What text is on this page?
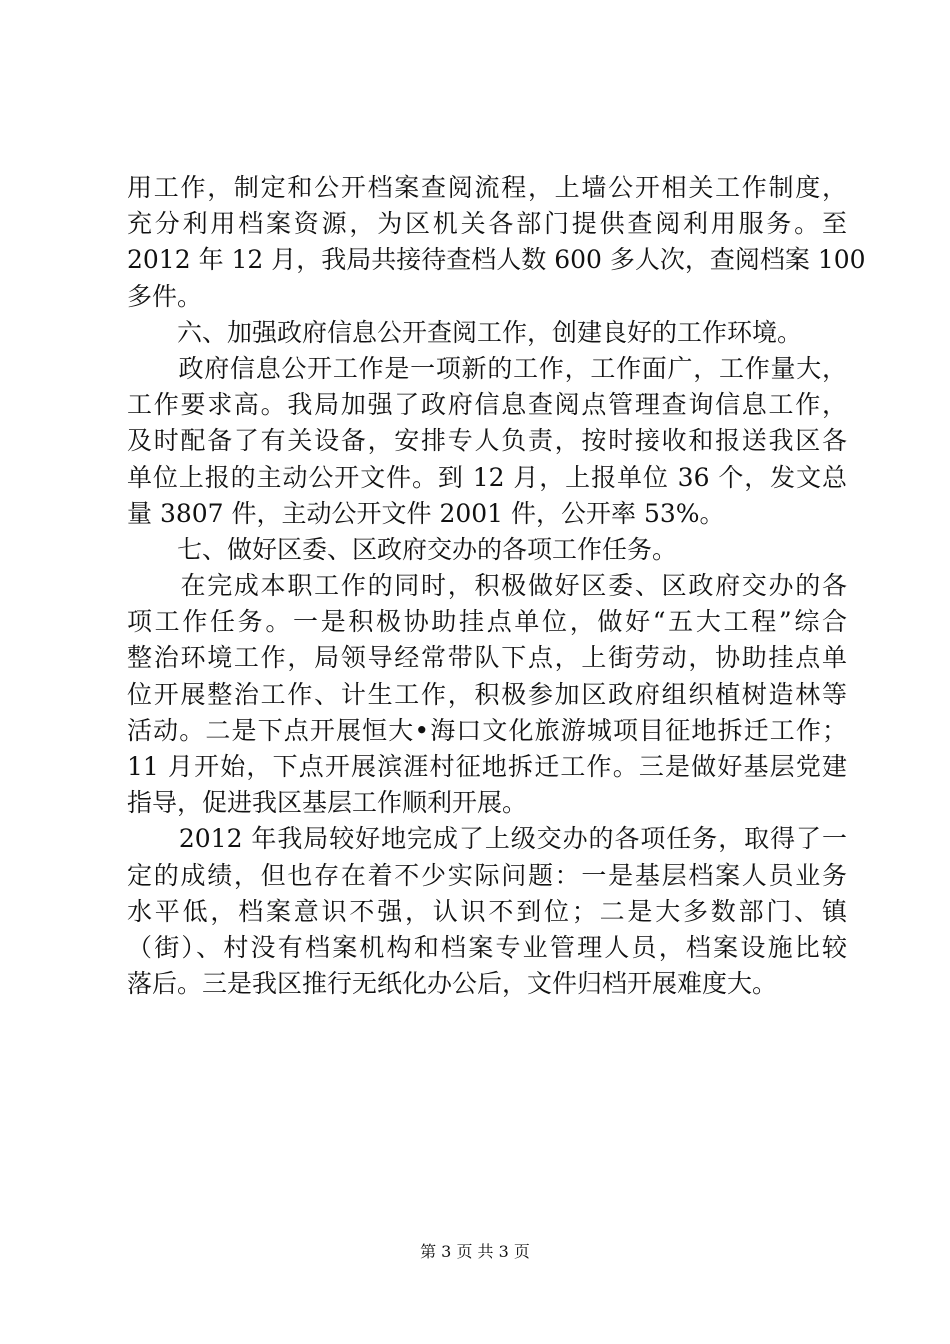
用工作，制定和公开档案查阅流程，上墙公开相关工作制度，
充分利用档案资源，为区机关各部门提供查阅利用服务。至
2012 年 12 月，我局共接待查档人数 600 多人次，查阅档案 100
多件。
　　六、加强政府信息公开查阅工作，创建良好的工作环境。
　　政府信息公开工作是一项新的工作，工作面广，工作量大，
工作要求高。我局加强了政府信息查阅点管理查询信息工作，
及时配备了有关设备，安排专人负责，按时接收和报送我区各
单位上报的主动公开文件。到 12 月，上报单位 36 个，发文总
量 3807 件，主动公开文件 2001 件，公开率 53%。
　　七、做好区委、区政府交办的各项工作任务。
　　在完成本职工作的同时，积极做好区委、区政府交办的各
项工作任务。一是积极协助挂点单位，做好“五大工程”综合
整治环境工作，局领导经常带队下点，上街劳动，协助挂点单
位开展整治工作、计生工作，积极参加区政府组织植树造林等
活动。二是下点开展恒大•海口文化旅游城项目征地拆迁工作；
11 月开始，下点开展滨涯村征地拆迁工作。三是做好基层党建
指导，促进我区基层工作顺利开展。
　　2012 年我局较好地完成了上级交办的各项任务，取得了一
定的成绩，但也存在着不少实际问题：一是基层档案人员业务
水平低，档案意识不强，认识不到位；二是大多数部门、镇
（街）、村没有档案机构和档案专业管理人员，档案设施比较
落后。三是我区推行无纸化办公后，文件归档开展难度大。
第 3 页 共 3 页
